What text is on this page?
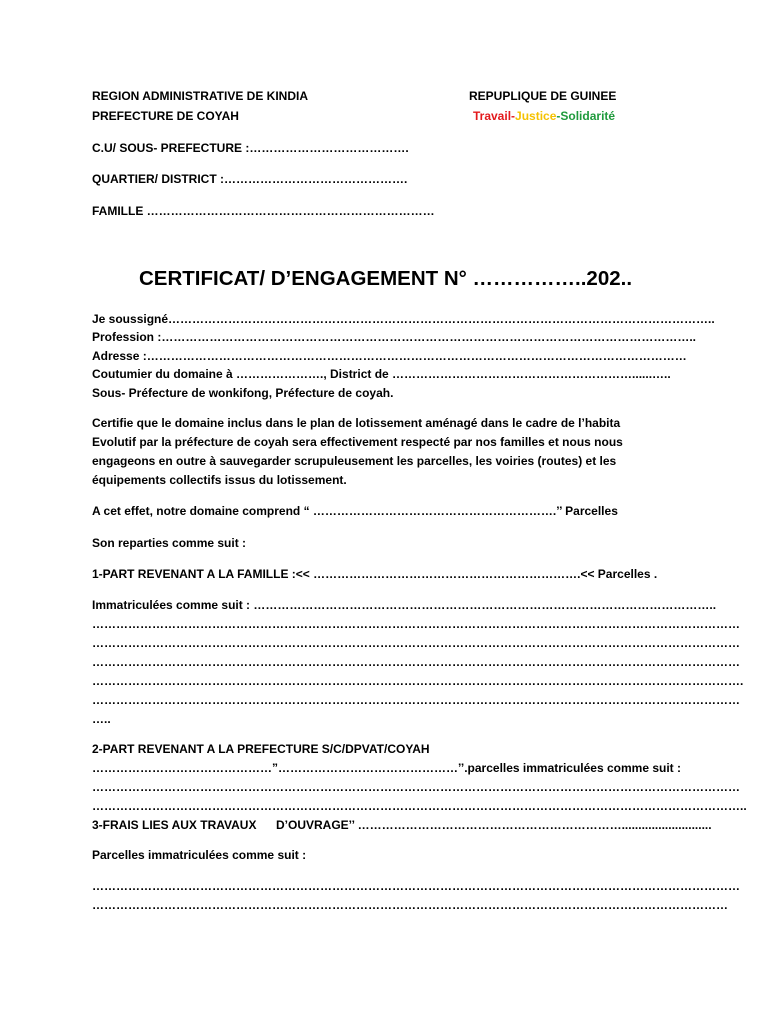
REGION ADMINISTRATIVE DE KINDIA
PREFECTURE DE COYAH
REPUPLIQUE DE GUINEE
Travail-Justice-Solidarité
C.U/ SOUS- PREFECTURE :………………………………….
QUARTIER/ DISTRICT :……………………………………….
FAMILLE ………………………………………………………………
CERTIFICAT/ D’ENGAGEMENT N° ……………..202..
Je soussigné………………………………………………………………………………………………………………………..
Profession :……………………………………………………………………………………………………………………..
Adresse :………………………………………………………………………………………………………………………
Coutumier du domaine à …………………., District de ……………………………………………………......…..
Sous- Préfecture de wonkifong, Préfecture de coyah.
Certifie que le domaine inclus dans le plan de lotissement aménagé dans le cadre de l’habita
Evolutif par la préfecture de coyah sera effectivement respecté par nos familles et nous nous
engageons en outre à sauvegarder scrupuleusement les parcelles, les voiries (routes) et les
équipements collectifs issus du lotissement.
A cet effet, notre domaine comprend “ …………………………………………………….’’ Parcelles
Son reparties comme suit :
1-PART REVENANT A LA FAMILLE :<< ………………………………………………………….<< Parcelles .
Immatriculées comme suit : ……………………………………………………………………………………………………..
………………………………………………………………………………………………………………………………………………
………………………………………………………………………………………………………………………………………………
………………………………………………………………………………………………………………………………………………
……………………………………………………………………………………………………………………………………………….
………………………………………………………………………………………………………………………………………………
…..
2-PART REVENANT A LA PREFECTURE S/C/DPVAT/COYAH
………………………………………”………………………………………’’.parcelles immatriculées comme suit :
………………………………………………………………………………………………………………………………………………
………………………………………………………………………………………………………………………………………………..
3-FRAIS LIES AUX TRAVAUX D’OUVRAGE’’ …………………………………………………………...........................
Parcelles immatriculées comme suit :
………………………………………………………………………………………………………………………………………………
……………………………………………………………………………………………………………………………………………
